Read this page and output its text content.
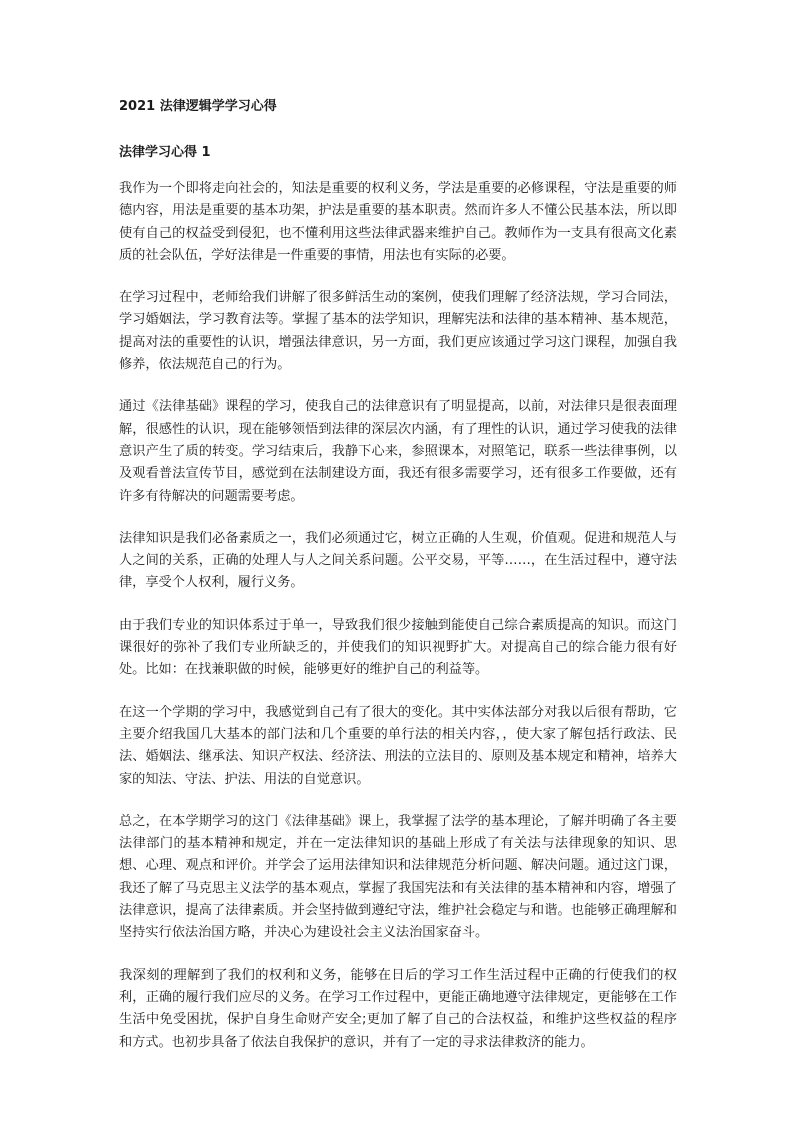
2021 法律逻辑学学习心得
法律学习心得 1

我作为一个即将走向社会的，知法是重要的权利义务，学法是重要的必修课程，守法是重要的师德内容，用法是重要的基本功架，护法是重要的基本职责。然而许多人不懂公民基本法，所以即使有自己的权益受到侵犯，也不懂利用这些法律武器来维护自己。教师作为一支具有很高文化素质的社会队伍，学好法律是一件重要的事情，用法也有实际的必要。

在学习过程中，老师给我们讲解了很多鲜活生动的案例，使我们理解了经济法规，学习合同法，学习婚姻法，学习教育法等。掌握了基本的法学知识，理解宪法和法律的基本精神、基本规范，提高对法的重要性的认识，增强法律意识，另一方面，我们更应该通过学习这门课程，加强自我修养，依法规范自己的行为。

通过《法律基础》课程的学习，使我自己的法律意识有了明显提高，以前，对法律只是很表面理解，很感性的认识，现在能够领悟到法律的深层次内涵，有了理性的认识，通过学习使我的法律意识产生了质的转变。学习结束后，我静下心来，参照课本，对照笔记，联系一些法律事例，以及观看普法宣传节目，感觉到在法制建设方面，我还有很多需要学习，还有很多工作要做，还有许多有待解决的问题需要考虑。

法律知识是我们必备素质之一，我们必须通过它，树立正确的人生观，价值观。促进和规范人与人之间的关系，正确的处理人与人之间关系问题。公平交易，平等……，在生活过程中，遵守法律，享受个人权利，履行义务。

由于我们专业的知识体系过于单一，导致我们很少接触到能使自己综合素质提高的知识。而这门课很好的弥补了我们专业所缺乏的，并使我们的知识视野扩大。对提高自己的综合能力很有好处。比如：在找兼职做的时候，能够更好的维护自己的利益等。

在这一个学期的学习中，我感觉到自己有了很大的变化。其中实体法部分对我以后很有帮助，它主要介绍我国几大基本的部门法和几个重要的单行法的相关内容，，使大家了解包括行政法、民法、婚姻法、继承法、知识产权法、经济法、刑法的立法目的、原则及基本规定和精神，培养大家的知法、守法、护法、用法的自觉意识。

总之，在本学期学习的这门《法律基础》课上，我掌握了法学的基本理论，了解并明确了各主要法律部门的基本精神和规定，并在一定法律知识的基础上形成了有关法与法律现象的知识、思想、心理、观点和评价。并学会了运用法律知识和法律规范分析问题、解决问题。通过这门课，我还了解了马克思主义法学的基本观点，掌握了我国宪法和有关法律的基本精神和内容，增强了法律意识，提高了法律素质。并会坚持做到遵纪守法，维护社会稳定与和谐。也能够正确理解和坚持实行依法治国方略，并决心为建设社会主义法治国家奋斗。

我深刻的理解到了我们的权利和义务，能够在日后的学习工作生活过程中正确的行使我们的权利，正确的履行我们应尽的义务。在学习工作过程中，更能正确地遵守法律规定，更能够在工作生活中免受困扰，保护自身生命财产安全;更加了解了自己的合法权益，和维护这些权益的程序和方式。也初步具备了依法自我保护的意识，并有了一定的寻求法律救济的能力。
